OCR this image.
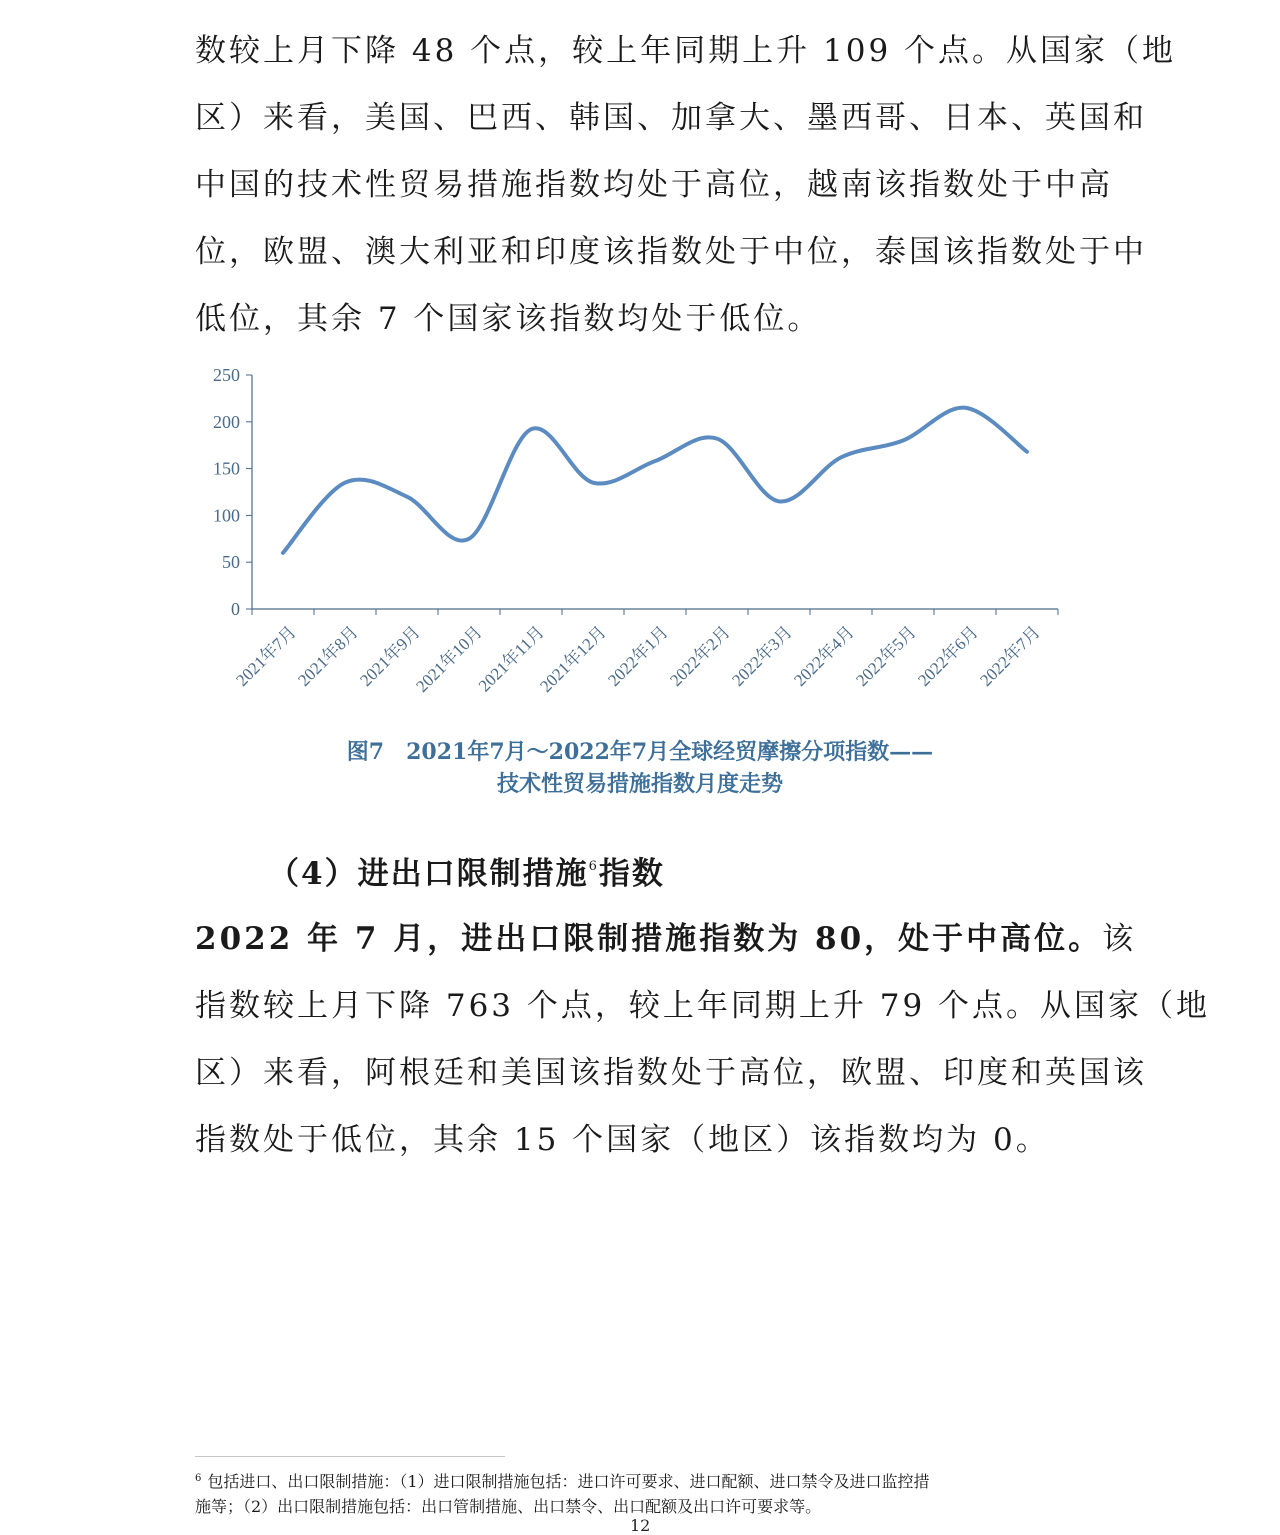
数较上月下降 48 个点，较上年同期上升 109 个点。从国家（地
区）来看，美国、巴西、韩国、加拿大、墨西哥、日本、英国和
中国的技术性贸易措施指数均处于高位，越南该指数处于中高
位，欧盟、澳大利亚和印度该指数处于中位，泰国该指数处于中
低位，其余 7 个国家该指数均处于低位。

0
50
100
150
200
250
2021年7月
2021年8月
2021年9月
2021年10月
2021年11月
2021年12月
2022年1月
2022年2月
2022年3月
2022年4月
2022年5月
2022年6月
2022年7月
图7　2021年7月～2022年7月全球经贸摩擦分项指数——
技术性贸易措施指数月度走势

（4）进出口限制措施$^6$指数

2022 年 7 月，进出口限制措施指数为 80，处于中高位。该
指数较上月下降 763 个点，较上年同期上升 79 个点。从国家（地
区）来看，阿根廷和美国该指数处于高位，欧盟、印度和英国该
指数处于低位，其余 15 个国家（地区）该指数均为 0。

$^6$ 包括进口、出口限制措施：（1）进口限制措施包括：进口许可要求、进口配额、进口禁令及进口监控措
施等；（2）出口限制措施包括：出口管制措施、出口禁令、出口配额及出口许可要求等。

12
